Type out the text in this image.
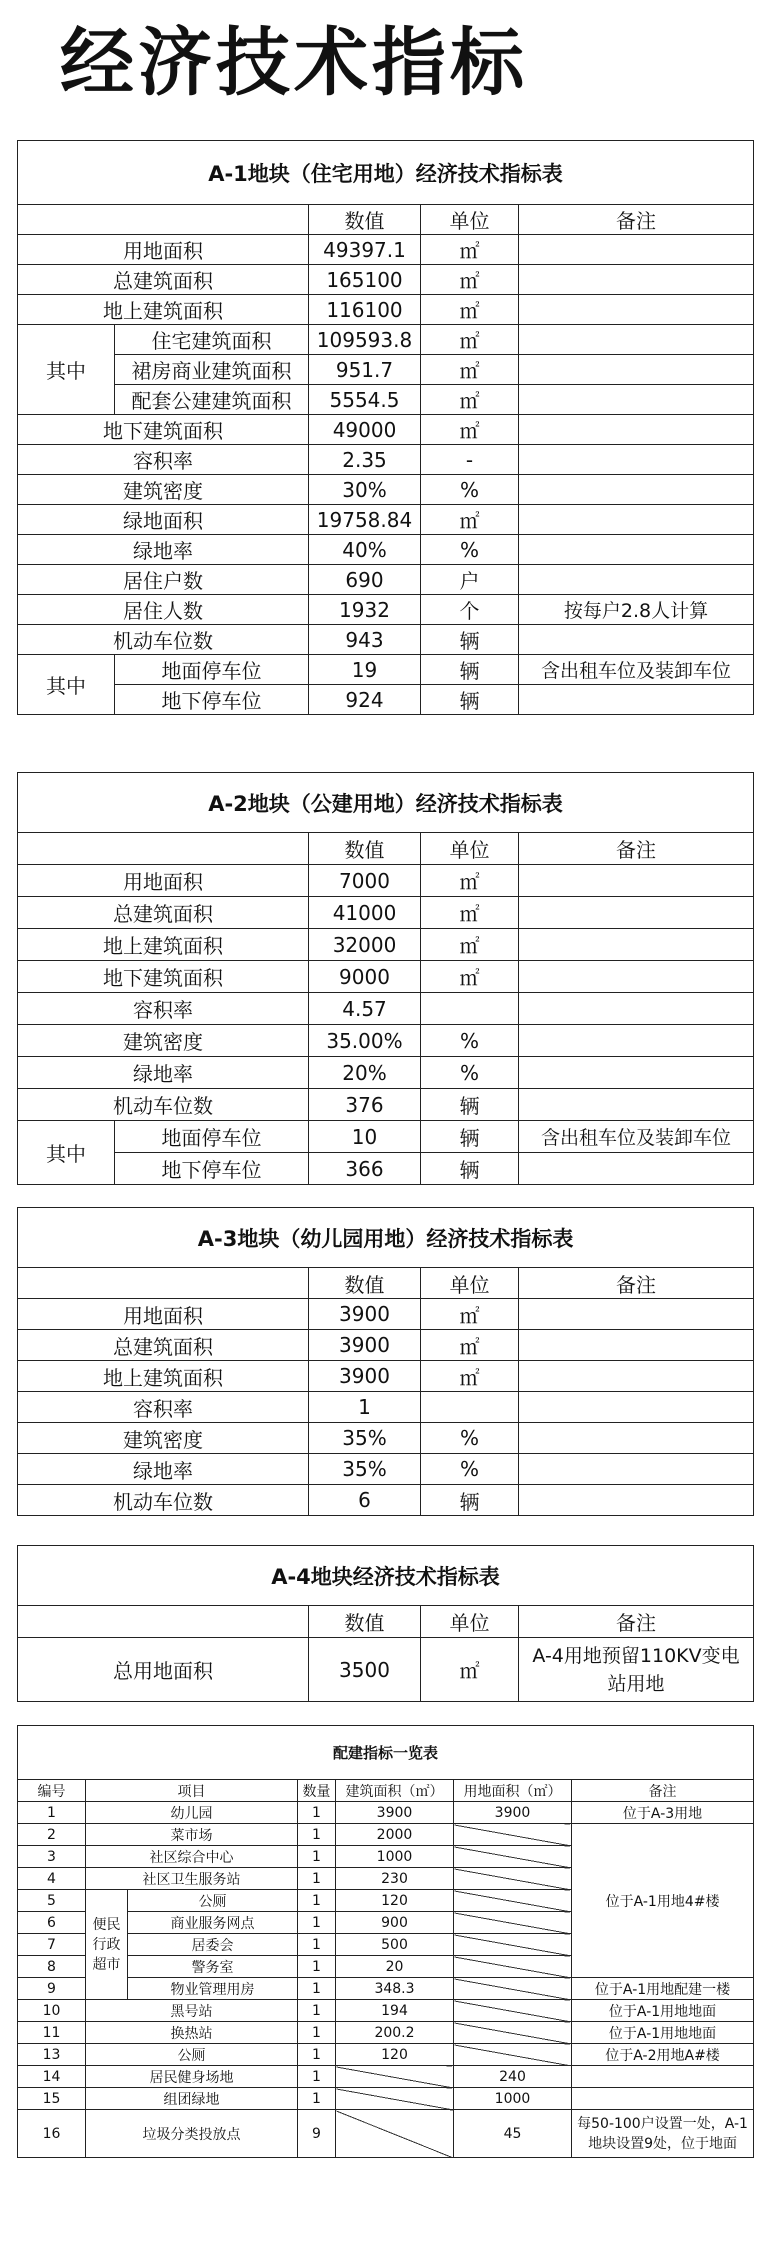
经济技术指标
A-1地块（住宅用地）经济技术指标表				
		数值	单位	备注
用地面积		49397.1	㎡	
总建筑面积		165100	㎡	
地上建筑面积		116100	㎡	
其中	住宅建筑面积	109593.8	㎡	
	裙房商业建筑面积	951.7	㎡	
	配套公建建筑面积	5554.5	㎡	
地下建筑面积		49000	㎡	
容积率		2.35	-	
建筑密度		30%	%	
绿地面积		19758.84	㎡	
绿地率		40%	%	
居住户数		690	户	
居住人数		1932	个	按每户2.8人计算
机动车位数		943	辆	
其中	地面停车位	19	辆	含出租车位及装卸车位
	地下停车位	924	辆	
A-2地块（公建用地）经济技术指标表				
		数值	单位	备注
用地面积		7000	㎡	
总建筑面积		41000	㎡	
地上建筑面积		32000	㎡	
地下建筑面积		9000	㎡	
容积率		4.57		
建筑密度		35.00%	%	
绿地率		20%	%	
机动车位数		376	辆	
其中	地面停车位	10	辆	含出租车位及装卸车位
	地下停车位	366	辆	
A-3地块（幼儿园用地）经济技术指标表			
	数值	单位	备注
用地面积	3900	㎡	
总建筑面积	3900	㎡	
地上建筑面积	3900	㎡	
容积率	1		
建筑密度	35%	%	
绿地率	35%	%	
机动车位数	6	辆	
A-4地块经济技术指标表			
	数值	单位	备注
总用地面积	3500	㎡	A-4用地预留110KV变电站用地
配建指标一览表						
编号	项目		数量	建筑面积（㎡）	用地面积（㎡）	备注
1	幼儿园		1	3900	3900	位于A-3用地
2	菜市场		1	2000		位于A-1用地4#楼
3	社区综合中心		1	1000		
4	社区卫生服务站		1	230		
5	便民行政超市	公厕	1	120		
6		商业服务网点	1	900		
7		居委会	1	500		
8		警务室	1	20		
9		物业管理用房	1	348.3		位于A-1用地配建一楼
10	黑号站		1	194		位于A-1用地地面
11	换热站		1	200.2		位于A-1用地地面
13	公厕		1	120		位于A-2用地A#楼
14	居民健身场地		1		240	
15	组团绿地		1		1000	
16	垃圾分类投放点		9		45	每50-100户设置一处，A-1地块设置9处，位于地面
